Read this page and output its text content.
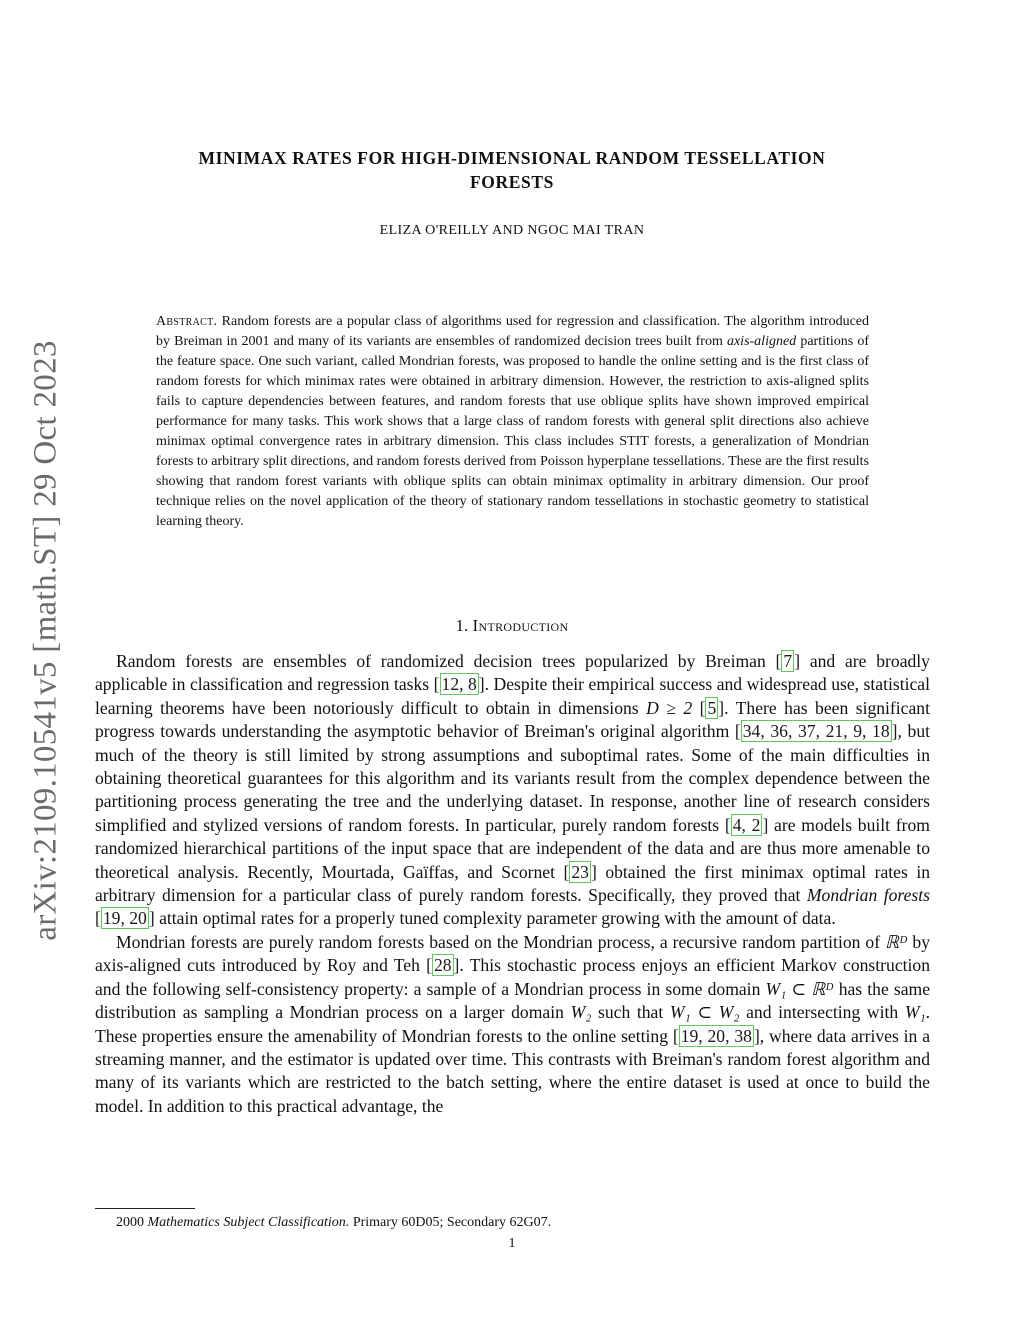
arXiv:2109.10541v5 [math.ST] 29 Oct 2023
MINIMAX RATES FOR HIGH-DIMENSIONAL RANDOM TESSELLATION
FORESTS
ELIZA O'REILLY AND NGOC MAI TRAN

Abstract. Random forests are a popular class of algorithms used for regression and classification. The algorithm introduced by Breiman in 2001 and many of its variants are ensembles of randomized decision trees built from axis-aligned partitions of the feature space. One such variant, called Mondrian forests, was proposed to handle the online setting and is the first class of random forests for which minimax rates were obtained in arbitrary dimension. However, the restriction to axis-aligned splits fails to capture dependencies between features, and random forests that use oblique splits have shown improved empirical performance for many tasks. This work shows that a large class of random forests with general split directions also achieve minimax optimal convergence rates in arbitrary dimension. This class includes STIT forests, a generalization of Mondrian forests to arbitrary split directions, and random forests derived from Poisson hyperplane tessellations. These are the first results showing that random forest variants with oblique splits can obtain minimax optimality in arbitrary dimension. Our proof technique relies on the novel application of the theory of stationary random tessellations in stochastic geometry to statistical learning theory.

1. Introduction

Random forests are ensembles of randomized decision trees popularized by Breiman [ 7 ] and are broadly applicable in classification and regression tasks [ 12, 8 ]. Despite their empirical success and widespread use, statistical learning theorems have been notoriously difficult to obtain in dimensions D ≥ 2 [ 5 ]. There has been significant progress towards understanding the asymptotic behavior of Breiman's original algorithm [ 34, 36, 37, 21, 9, 18 ], but much of the theory is still limited by strong assumptions and suboptimal rates. Some of the main difficulties in obtaining theoretical guarantees for this algorithm and its variants result from the complex dependence between the partitioning process generating the tree and the underlying dataset. In response, another line of research considers simplified and stylized versions of random forests. In particular, purely random forests [ 4, 2 ] are models built from randomized hierarchical partitions of the input space that are independent of the data and are thus more amenable to theoretical analysis. Recently, Mourtada, Gaïffas, and Scornet [ 23 ] obtained the first minimax optimal rates in arbitrary dimension for a particular class of purely random forests. Specifically, they proved that Mondrian forests [ 19, 20 ] attain optimal rates for a properly tuned complexity parameter growing with the amount of data.

Mondrian forests are purely random forests based on the Mondrian process, a recursive random partition of ℝᴰ by axis-aligned cuts introduced by Roy and Teh [ 28 ]. This stochastic process enjoys an efficient Markov construction and the following self-consistency property: a sample of a Mondrian process in some domain W₁ ⊂ ℝᴰ has the same distribution as sampling a Mondrian process on a larger domain W₂ such that W₁ ⊂ W₂ and intersecting with W₁. These properties ensure the amenability of Mondrian forests to the online setting [ 19, 20, 38 ], where data arrives in a streaming manner, and the estimator is updated over time. This contrasts with Breiman's random forest algorithm and many of its variants which are restricted to the batch setting, where the entire dataset is used at once to build the model. In addition to this practical advantage, the

2000 Mathematics Subject Classification. Primary 60D05; Secondary 62G07.
1
